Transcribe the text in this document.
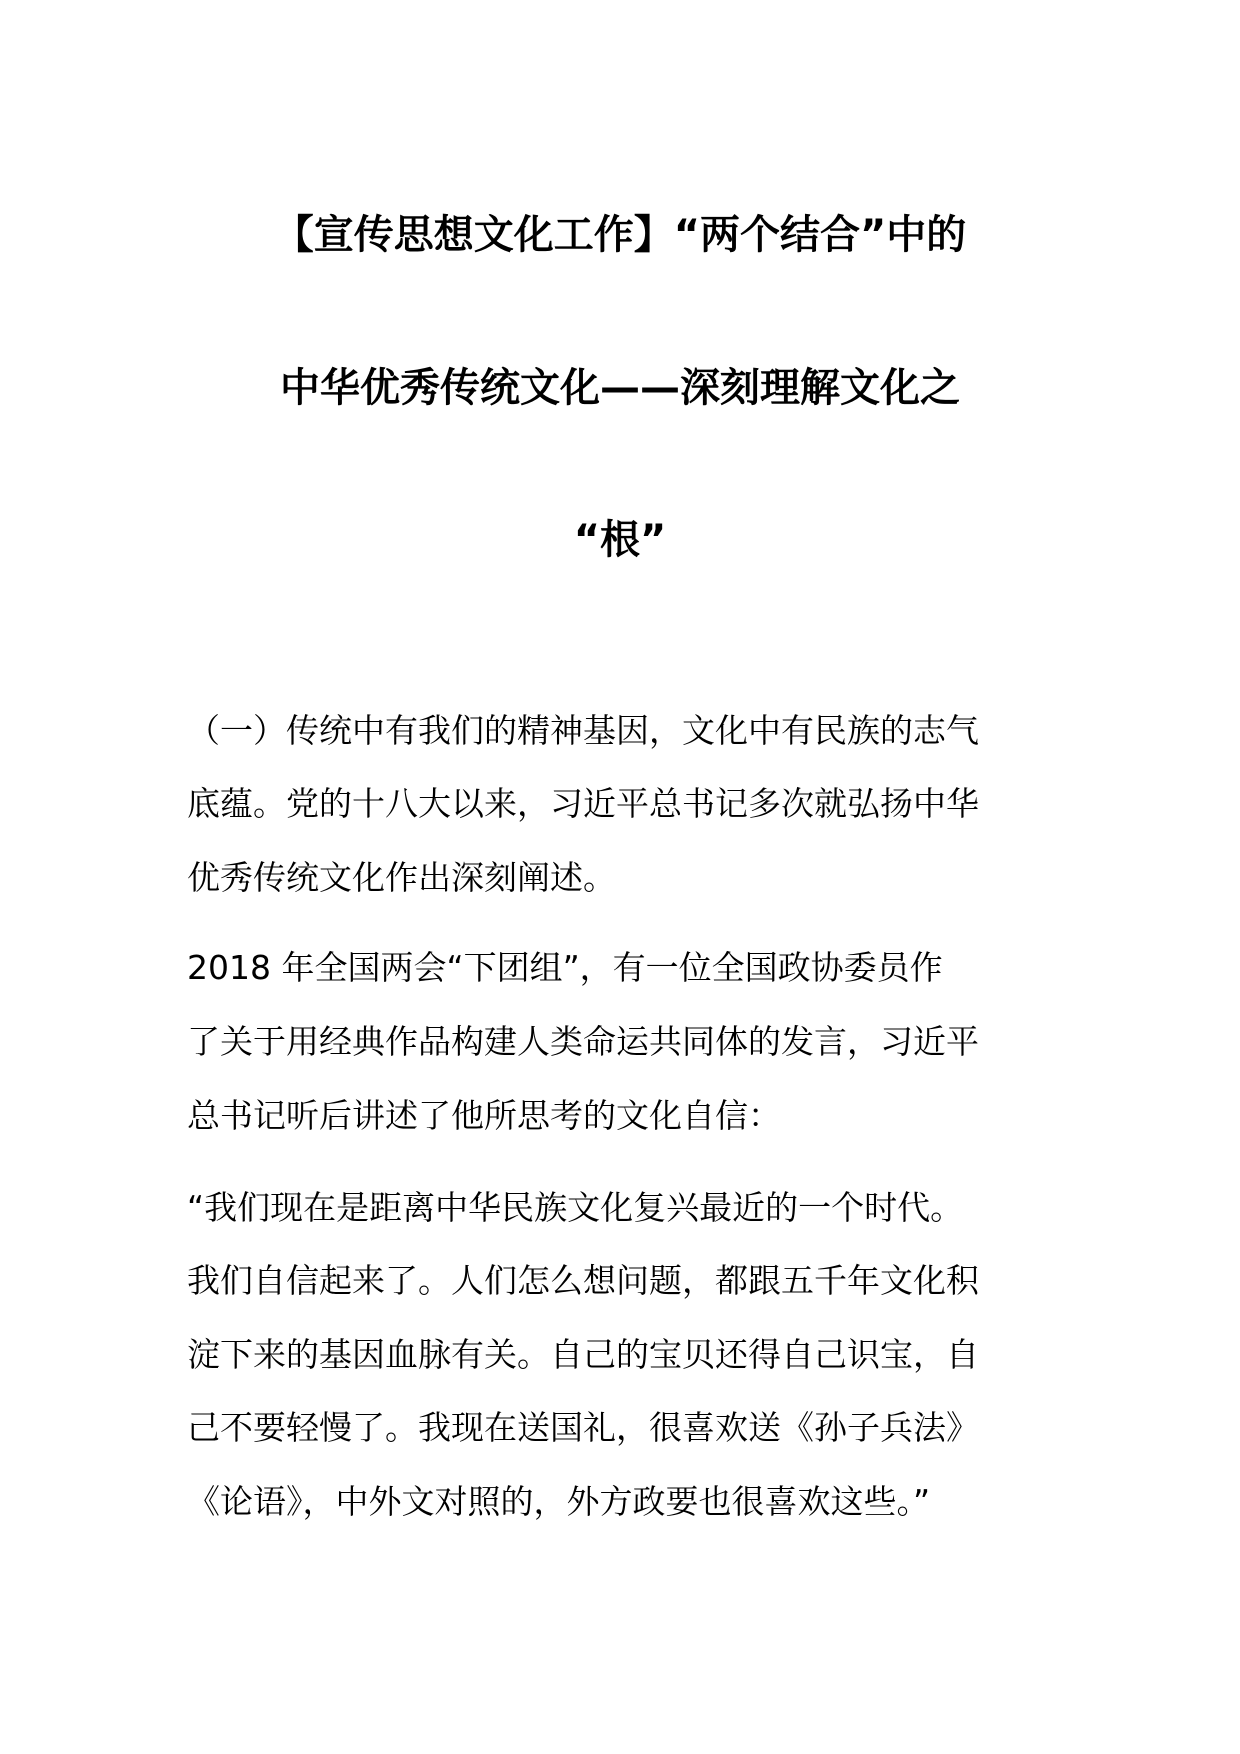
【宣传思想文化工作】“两个结合”中的
中华优秀传统文化——深刻理解文化之
“根”

（一）传统中有我们的精神基因，文化中有民族的志气

底蕴。党的十八大以来，习近平总书记多次就弘扬中华

优秀传统文化作出深刻阐述。

2018 年全国两会“下团组”，有一位全国政协委员作

了关于用经典作品构建人类命运共同体的发言，习近平

总书记听后讲述了他所思考的文化自信：

“我们现在是距离中华民族文化复兴最近的一个时代。

我们自信起来了。人们怎么想问题，都跟五千年文化积

淀下来的基因血脉有关。自己的宝贝还得自己识宝，自

己不要轻慢了。我现在送国礼，很喜欢送《孙子兵法》

《论语》，中外文对照的，外方政要也很喜欢这些。”
